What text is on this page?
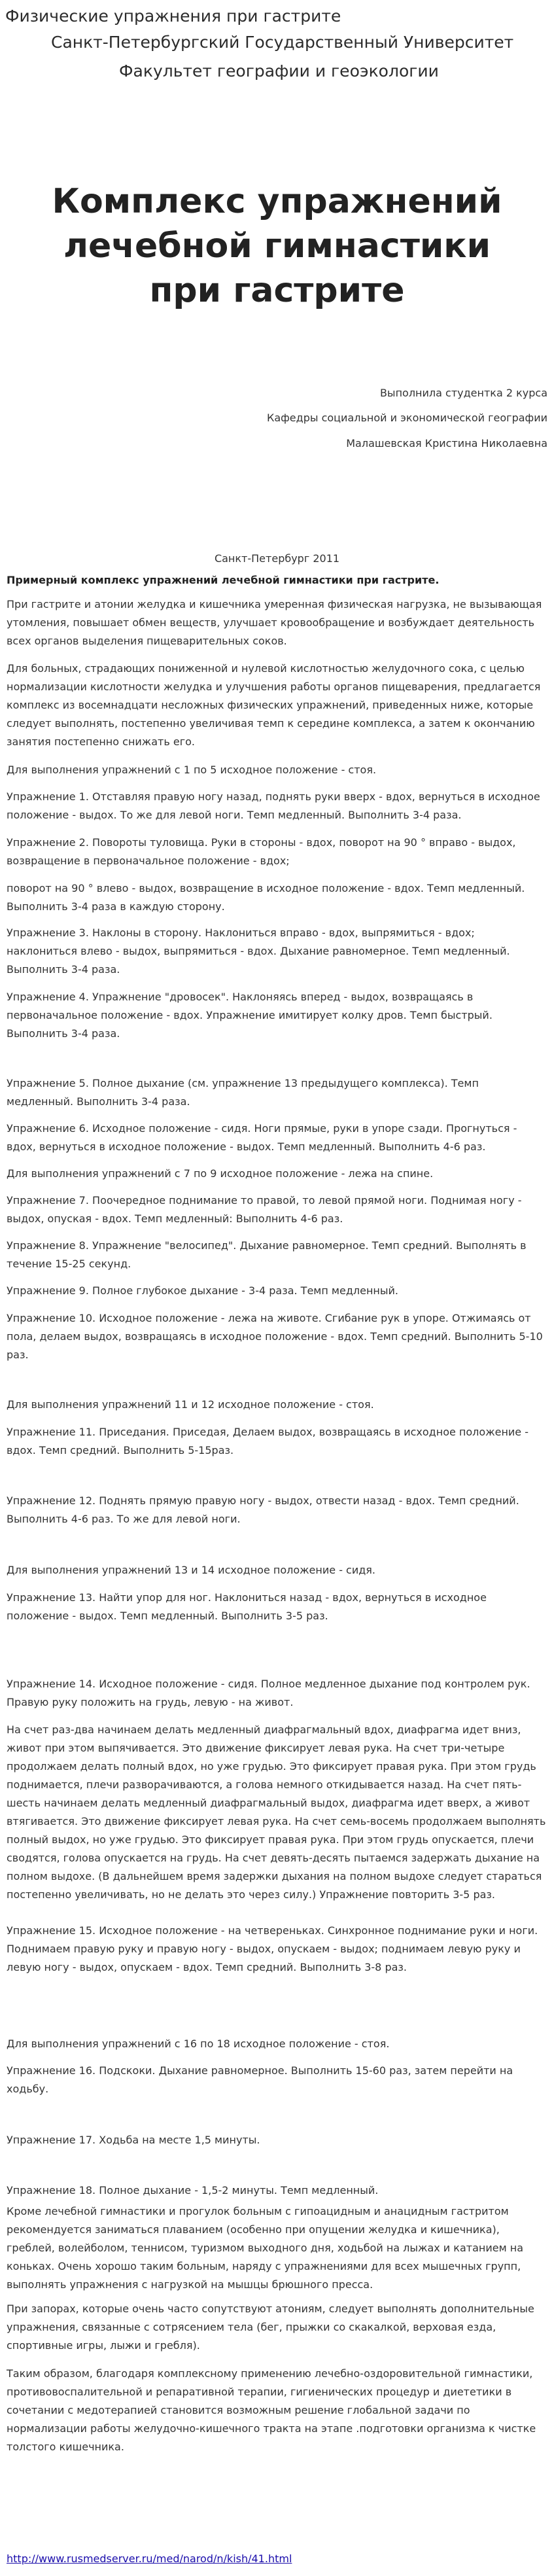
Физические упражнения при гастрите

Санкт-Петербургский Государственный Университет

Факультет географии и геоэкологии

Комплекс упражнений
лечебной гимнастики
при гастрите

Выполнила студентка 2 курса

Кафедры социальной и экономической географии

Малашевская Кристина Николаевна

Санкт-Петербург 2011

Примерный комплекс упражнений лечебной гимнастики при гастрите.

При гастрите и атонии желудка и кишечника умеренная физическая нагрузка, не вызывающая утомления, повышает обмен веществ, улучшает кровообращение и возбуждает деятельность всех органов выделения пищеварительных соков.

Для больных, страдающих пониженной и нулевой кислотностью желудочного сока, с целью нормализации кислотности желудка и улучшения работы органов пищеварения, предлагается комплекс из восемнадцати несложных физических упражнений, приведенных ниже, которые следует выполнять, постепенно увеличивая темп к середине комплекса, а затем к окончанию занятия постепенно снижать его.

Для выполнения упражнений с 1 по 5 исходное положение - стоя.

Упражнение 1. Отставляя правую ногу назад, поднять руки вверх - вдох, вернуться в исходное положение - выдох. То же для левой ноги. Темп медленный. Выполнить 3-4 раза.

Упражнение 2. Повороты туловища. Руки в стороны - вдох, поворот на 90 ° вправо - выдох, возвращение в первоначальное положение - вдох;

поворот на 90 ° влево - выдох, возвращение в исходное положение - вдох. Темп медленный. Выполнить 3-4 раза в каждую сторону.

Упражнение 3. Наклоны в сторону. Наклониться вправо - вдох, выпрямиться - вдох; наклониться влево - выдох, выпрямиться - вдох. Дыхание равномерное. Темп медленный. Выполнить 3-4 раза.

Упражнение 4. Упражнение "дровосек". Наклоняясь вперед - выдох, возвращаясь в первоначальное положение - вдох. Упражнение имитирует колку дров. Темп быстрый. Выполнить 3-4 раза.

Упражнение 5. Полное дыхание (см. упражнение 13 предыдущего комплекса). Темп медленный. Выполнить 3-4 раза.

Упражнение 6. Исходное положение - сидя. Ноги прямые, руки в упоре сзади. Прогнуться - вдох, вернуться в исходное положение - выдох. Темп медленный. Выполнить 4-6 раз.

Для выполнения упражнений с 7 по 9 исходное положение - лежа на спине.

Упражнение 7. Поочередное поднимание то правой, то левой прямой ноги. Поднимая ногу - выдох, опуская - вдох. Темп медленный: Выполнить 4-6 раз.

Упражнение 8. Упражнение "велосипед". Дыхание равномерное. Темп средний. Выполнять в течение 15-25 секунд.

Упражнение 9. Полное глубокое дыхание - 3-4 раза. Темп медленный.

Упражнение 10. Исходное положение - лежа на животе. Сгибание рук в упоре. Отжимаясь от пола, делаем выдох, возвращаясь в исходное положение - вдох. Темп средний. Выполнить 5-10 раз.

Для выполнения упражнений 11 и 12 исходное положение - стоя.

Упражнение 11. Приседания. Приседая, Делаем выдох, возвращаясь в исходное положение - вдох. Темп средний. Выполнить 5-15раз.

Упражнение 12. Поднять прямую правую ногу - выдох, отвести назад - вдох. Темп средний. Выполнить 4-6 раз. То же для левой ноги.

Для выполнения упражнений 13 и 14 исходное положение - сидя.

Упражнение 13. Найти упор для ног. Наклониться назад - вдох, вернуться в исходное положение - выдох. Темп медленный. Выполнить 3-5 раз.

Упражнение 14. Исходное положение - сидя. Полное медленное дыхание под контролем рук. Правую руку положить на грудь, левую - на живот.

На счет раз-два начинаем делать медленный диафрагмальный вдох, диафрагма идет вниз, живот при этом выпячивается. Это движение фиксирует левая рука. На счет три-четыре продолжаем делать полный вдох, но уже грудью. Это фиксирует правая рука. При этом грудь поднимается, плечи разворачиваются, а голова немного откидывается назад. На счет пять-шесть начинаем делать медленный диафрагмальный выдох, диафрагма идет вверх, а живот втягивается. Это движение фиксирует левая рука. На счет семь-восемь продолжаем выполнять полный выдох, но уже грудью. Это фиксирует правая рука. При этом грудь опускается, плечи сводятся, голова опускается на грудь. На счет девять-десять пытаемся задержать дыхание на полном выдохе. (В дальнейшем время задержки дыхания на полном выдохе следует стараться постепенно увеличивать, но не делать это через силу.) Упражнение повторить 3-5 раз.

Упражнение 15. Исходное положение - на четвереньках. Синхронное поднимание руки и ноги. Поднимаем правую руку и правую ногу - выдох, опускаем - выдох; поднимаем левую руку и левую ногу - выдох, опускаем - вдох. Темп средний. Выполнить 3-8 раз.

Для выполнения упражнений с 16 по 18 исходное положение - стоя.

Упражнение 16. Подскоки. Дыхание равномерное. Выполнить 15-60 раз, затем перейти на ходьбу.

Упражнение 17. Ходьба на месте 1,5 минуты.

Упражнение 18. Полное дыхание - 1,5-2 минуты. Темп медленный.

Кроме лечебной гимнастики и прогулок больным с гипоацидным и анацидным гастритом рекомендуется заниматься плаванием (особенно при опущении желудка и кишечника), греблей, волейболом, теннисом, туризмом выходного дня, ходьбой на лыжах и катанием на коньках. Очень хорошо таким больным, наряду с упражнениями для всех мышечных групп, выполнять упражнения с нагрузкой на мышцы брюшного пресса.

При запорах, которые очень часто сопутствуют атониям, следует выполнять дополнительные упражнения, связанные с сотрясением тела (бег, прыжки со скакалкой, верховая езда, спортивные игры, лыжи и гребля).

Таким образом, благодаря комплексному применению лечебно-оздоровительной гимнастики, противовоспалительной и репаративной терапии, гигиенических процедур и диететики в сочетании с медотерапией становится возможным решение глобальной задачи по нормализации работы желудочно-кишечного тракта на этапе .подготовки организма к чистке толстого кишечника.

http://www.rusmedserver.ru/med/narod/n/kish/41.html
